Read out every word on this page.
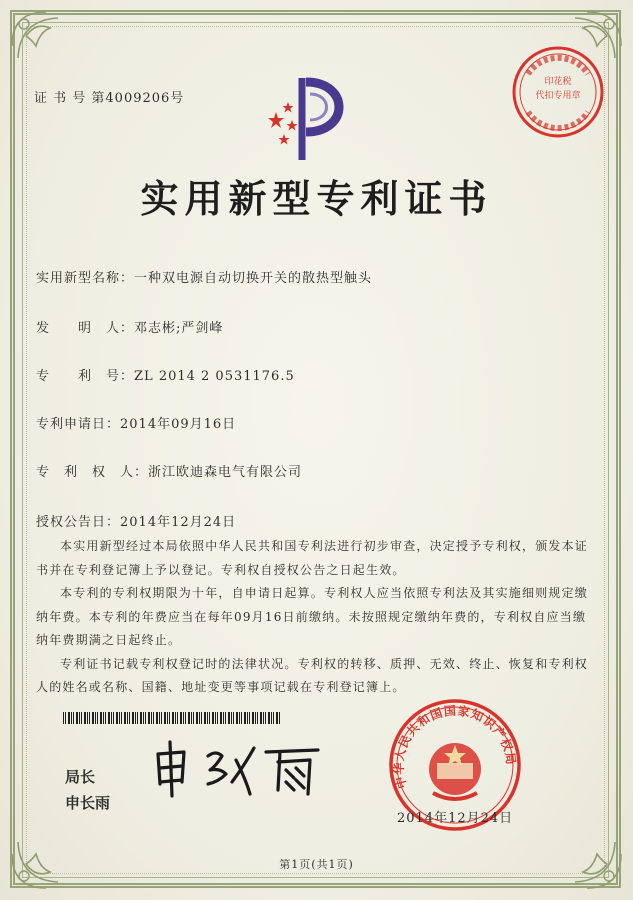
证 书 号 第4009206号
印花税
代扣专用章
实用新型专利证书
实用新型名称：一种双电源自动切换开关的散热型触头
发　　明　人：邓志彬;严剑峰
专　　利　号：ZL 2014 2 0531176.5
专利申请日：2014年09月16日
专　利　权　人：浙江欧迪森电气有限公司
授权公告日：2014年12月24日

本实用新型经过本局依照中华人民共和国专利法进行初步审查，决定授予专利权，颁发本证书并在专利登记簿上予以登记。专利权自授权公告之日起生效。

本专利的专利权期限为十年，自申请日起算。专利权人应当依照专利法及其实施细则规定缴纳年费。本专利的年费应当在每年09月16日前缴纳。未按照规定缴纳年费的，专利权自应当缴纳年费期满之日起终止。

专利证书记载专利权登记时的法律状况。专利权的转移、质押、无效、终止、恢复和专利权人的姓名或名称、国籍、地址变更等事项记载在专利登记簿上。

局长
申长雨
中华人民共和国国家知识产权局
2014年12月24日
第1页(共1页)
